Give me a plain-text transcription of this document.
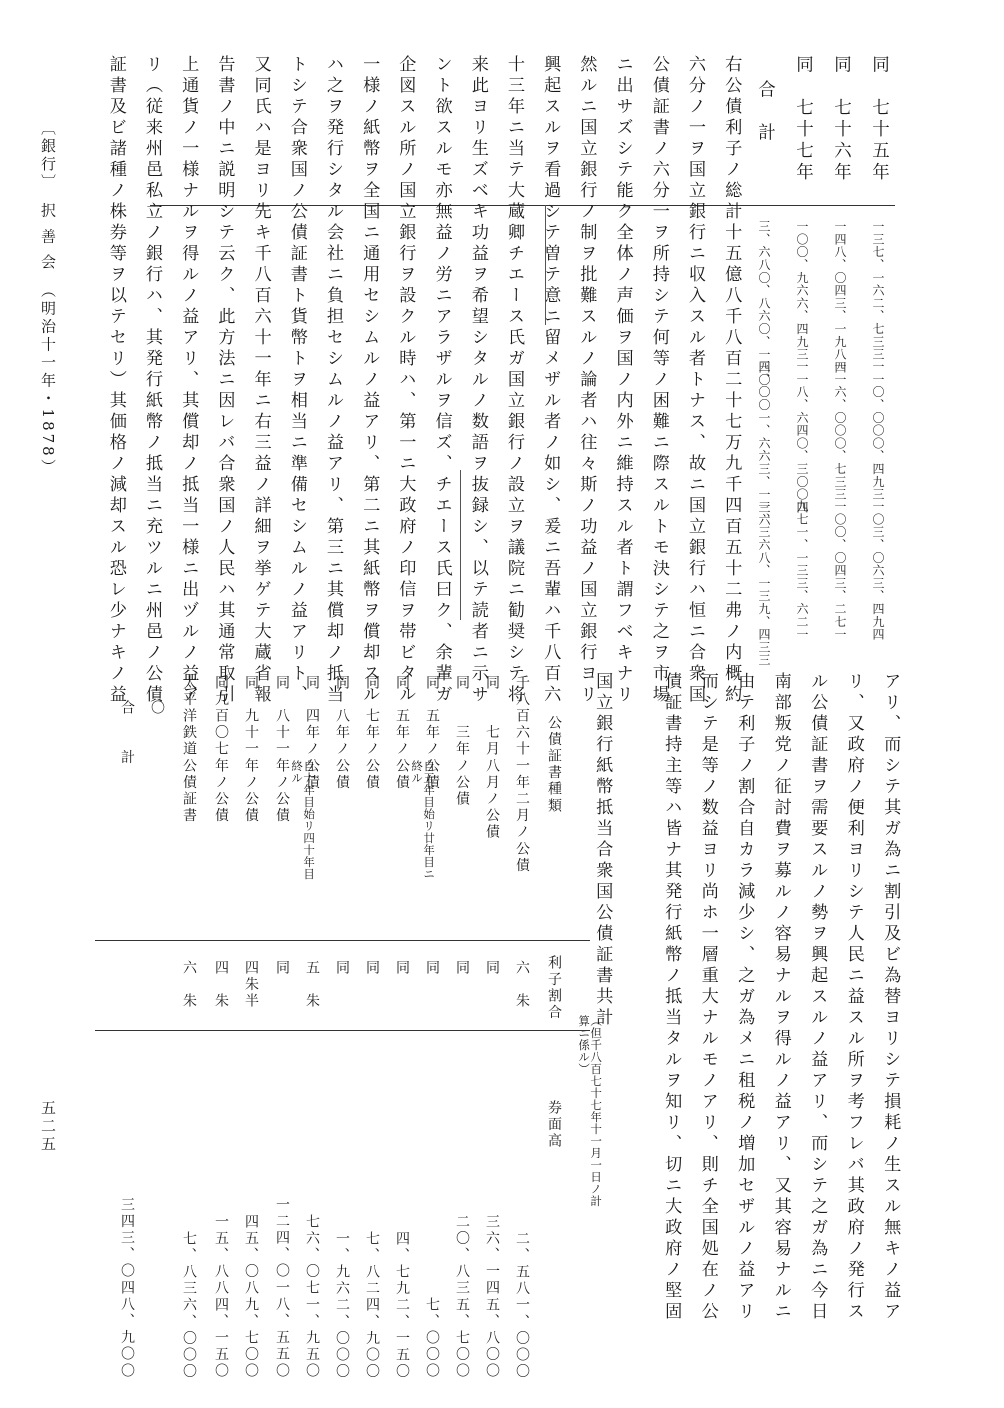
同　七十五年
同　七十六年
同　七十七年
合　計
一三七、一六二、七三三
一四八、〇四三、一九八四
一〇〇、九六六、四九三
三、六八〇、八六〇、一四〇
一一〇、〇〇〇、四九三
一一六、〇〇〇、七三三
一一八、六四〇、三〇〇四
三、〇〇一、六六三、一三六
一〇三、〇六三、四九四
一〇〇、〇四三、二七一
九七一、一三三、六二一
一、三六八、一三九、四三三
右公債利子ノ総計十五億八千八百二十七万九千四百五十二弗ノ内概約
六分ノ一ヲ国立銀行ニ収入スル者トナス、故ニ国立銀行ハ恒ニ合衆国
公債証書ノ六分一ヲ所持シテ何等ノ困難ニ際スルトモ決シテ之ヲ市場
ニ出サズシテ能ク全体ノ声価ヲ国ノ内外ニ維持スル者ト謂フベキナリ
然ルニ国立銀行ノ制ヲ批難スルノ論者ハ往々斯ノ功益ノ国立銀行ヨリ
興起スルヲ看過シテ曽テ意ニ留メザル者ノ如シ、爰ニ吾輩ハ千八百六
十三年ニ当テ大蔵卿チエース氏ガ国立銀行ノ設立ヲ議院ニ勧奨シテ将
来此ヨリ生ズベキ功益ヲ希望シタルノ数語ヲ抜録シ、以テ読者ニ示サ
ント欲スルモ亦無益ノ労ニアラザルヲ信ズ、チエース氏曰ク、余輩ガ
企図スル所ノ国立銀行ヲ設クル時ハ、第一ニ大政府ノ印信ヲ帯ビタル
一様ノ紙幣ヲ全国ニ通用セシムルノ益アリ、第二ニ其紙幣ヲ償却スル
ハ之ヲ発行シタル会社ニ負担セシムルノ益アリ、第三ニ其償却ノ抵当
トシテ合衆国ノ公債証書ト貨幣トヲ相当ニ準備セシムルノ益アリト、
又同氏ハ是ヨリ先キ千八百六十一年ニ右三益ノ詳細ヲ挙ゲテ大蔵省報
告書ノ中ニ説明シテ云ク、此方法ニ因レバ合衆国ノ人民ハ其通常取引
上通貨ノ一様ナルヲ得ルノ益アリ、其償却ノ抵当一様ニ出ヅルノ益ア
リ（従来州邑私立ノ銀行ハ、其発行紙幣ノ抵当ニ充ツルニ州邑ノ公債
証書及ビ諸種ノ株券等ヲ以テセリ）其価格ノ減却スル恐レ少ナキノ益
アリ、而シテ其ガ為ニ割引及ビ為替ヨリシテ損耗ノ生スル無キノ益ア
リ、又政府ノ便利ヨリシテ人民ニ益スル所ヲ考フレバ其政府ノ発行ス
ル公債証書ヲ需要スルノ勢ヲ興起スルノ益アリ、而シテ之ガ為ニ今日
南部叛党ノ征討費ヲ募ルノ容易ナルヲ得ルノ益アリ、又其容易ナルニ
由テ利子ノ割合自カラ減少シ、之ガ為メニ租税ノ増加セザルノ益アリ
而シテ是等ノ数益ヨリ尚ホ一層重大ナルモノアリ、則チ全国処在ノ公
債証書持主等ハ皆ナ其発行紙幣ノ抵当タルヲ知リ、切ニ大政府ノ堅固
国立銀行紙幣抵当合衆国公債証書共計
（但千八百七十七年十一月一日ノ計算ニ係ル）
公債証書種類
利子割合
券面高
千八百六十一年二月ノ公債
六　朱
二、五八一、〇〇〇
同　　七月八月ノ公債
同
三六、一四五、八〇〇
同　　三年ノ公債
同
二〇、八三五、七〇〇
同　五年ノ公債
自五年目始リ廿年目ニ終ル
同
七、〇〇〇
同　五年ノ公債
同
四、七九二、一五〇
同　七年ノ公債
同
七、八二四、九〇〇
同　八年ノ公債
同
一、九六二、〇〇〇
同　四年ノ公債
自十年目始リ四十年目終ル
五　朱
七六、〇七一、九五〇
同　八十一年ノ公債
同
一二四、〇一八、五五〇
同　九十一年ノ公債
四朱半
四五、〇八九、七〇〇
同九百〇七年ノ公債
四　朱
一五、八八四、一五〇
太平洋鉄道公債証書
六　朱
七、八三六、〇〇〇
〇
合　　計
三四三、〇四八、九〇〇
〔銀行〕　択 善 会　（明治十一年・1878）
五二五
